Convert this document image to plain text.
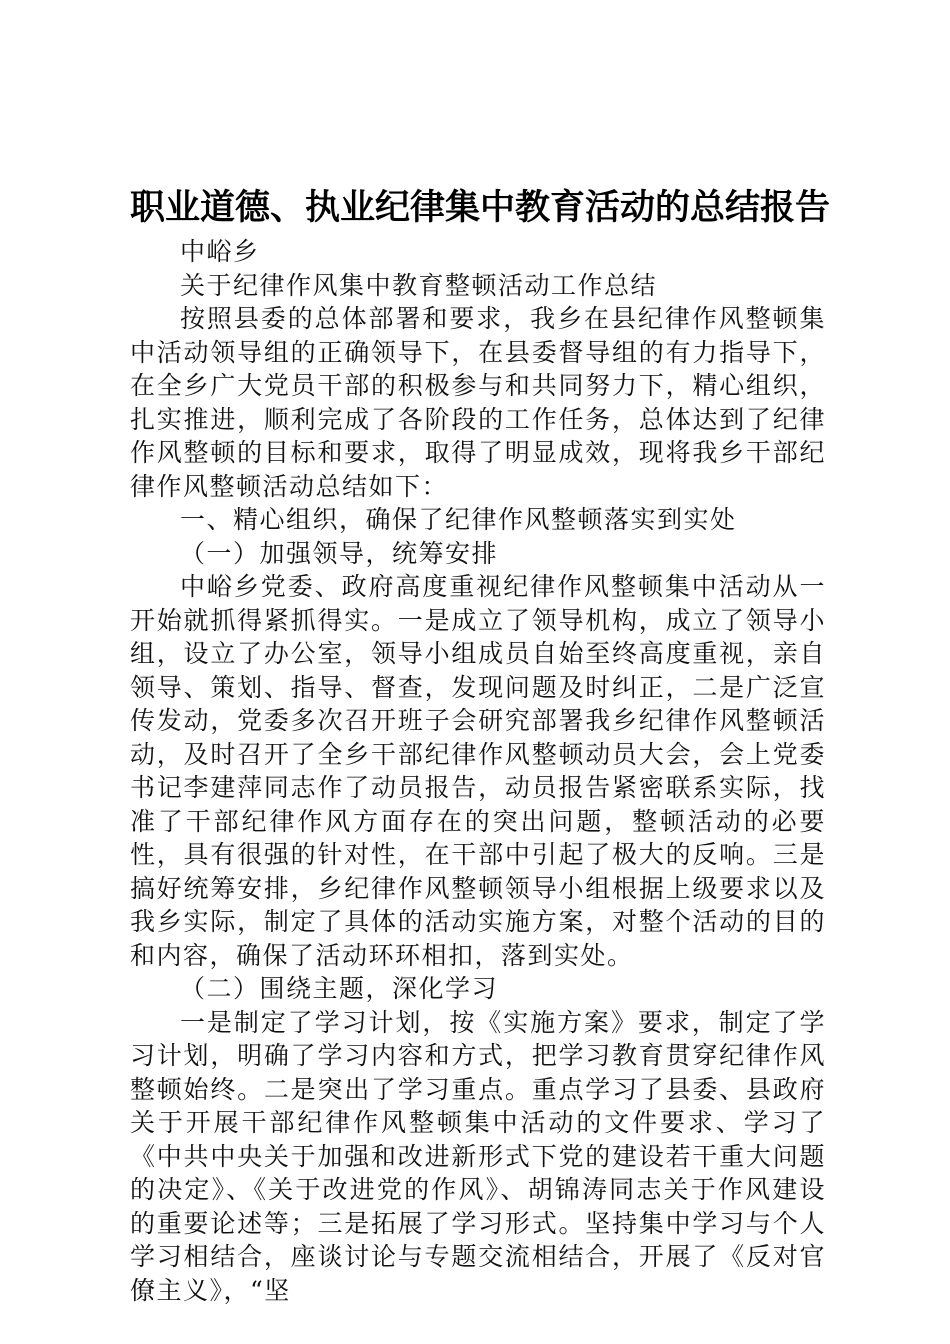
职业道德、执业纪律集中教育活动的总结报告

中峪乡

关于纪律作风集中教育整顿活动工作总结

按照县委的总体部署和要求，我乡在县纪律作风整顿集中活动领导组的正确领导下，在县委督导组的有力指导下，在全乡广大党员干部的积极参与和共同努力下，精心组织，扎实推进，顺利完成了各阶段的工作任务，总体达到了纪律作风整顿的目标和要求，取得了明显成效，现将我乡干部纪律作风整顿活动总结如下：

一、精心组织，确保了纪律作风整顿落实到实处

（一）加强领导，统筹安排

中峪乡党委、政府高度重视纪律作风整顿集中活动从一开始就抓得紧抓得实。一是成立了领导机构，成立了领导小组，设立了办公室，领导小组成员自始至终高度重视，亲自领导、策划、指导、督查，发现问题及时纠正，二是广泛宣传发动，党委多次召开班子会研究部署我乡纪律作风整顿活动，及时召开了全乡干部纪律作风整顿动员大会，会上党委书记李建萍同志作了动员报告，动员报告紧密联系实际，找准了干部纪律作风方面存在的突出问题，整顿活动的必要性，具有很强的针对性，在干部中引起了极大的反响。三是搞好统筹安排，乡纪律作风整顿领导小组根据上级要求以及我乡实际，制定了具体的活动实施方案，对整个活动的目的和内容，确保了活动环环相扣，落到实处。

（二）围绕主题，深化学习

一是制定了学习计划，按《实施方案》要求，制定了学习计划，明确了学习内容和方式，把学习教育贯穿纪律作风整顿始终。二是突出了学习重点。重点学习了县委、县政府关于开展干部纪律作风整顿集中活动的文件要求、学习了《中共中央关于加强和改进新形式下党的建设若干重大问题的决定》、《关于改进党的作风》、胡锦涛同志关于作风建设的重要论述等；三是拓展了学习形式。坚持集中学习与个人学习相结合，座谈讨论与专题交流相结合，开展了《反对官僚主义》，“坚
